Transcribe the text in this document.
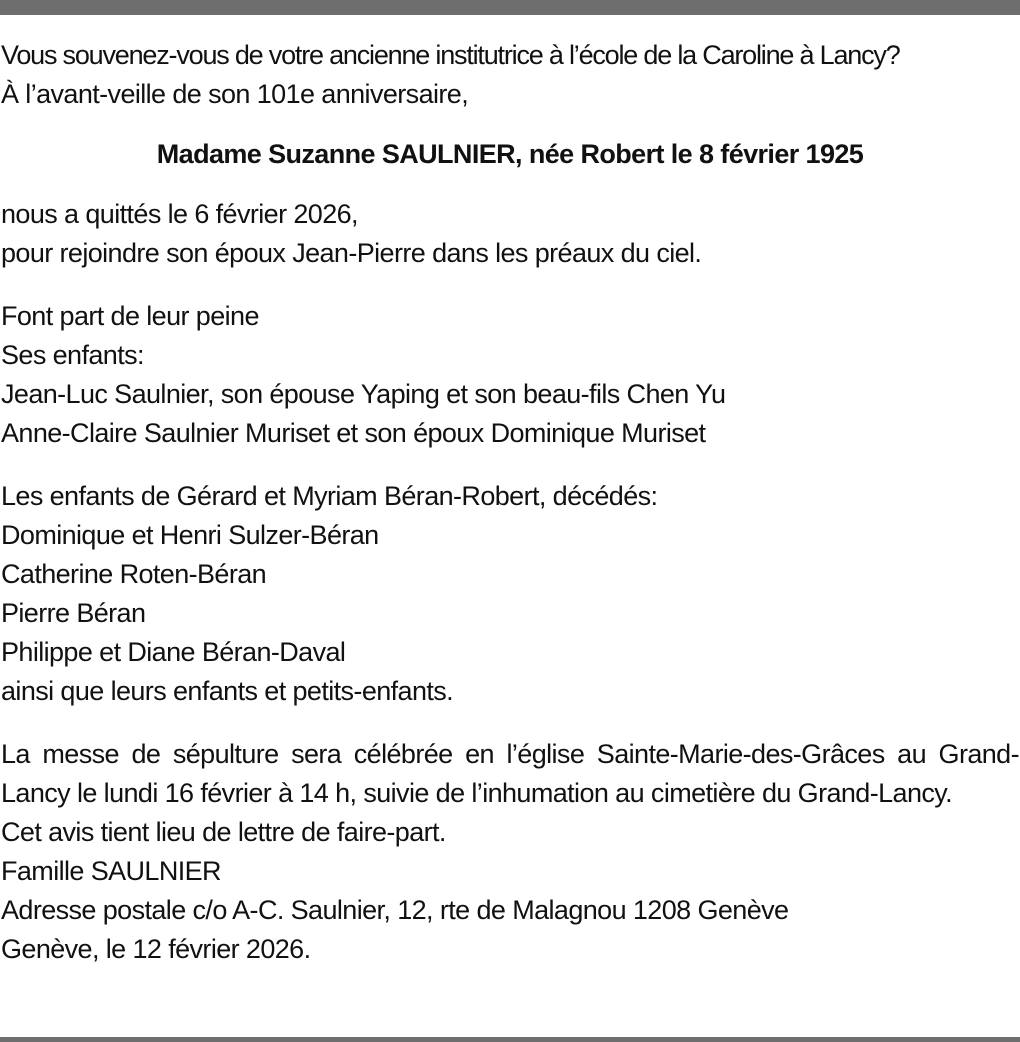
Vous souvenez-vous de votre ancienne institutrice à l’école de la Caroline à Lancy?
À l’avant-veille de son 101e anniversaire,
Madame Suzanne SAULNIER, née Robert le 8 février 1925
nous a quittés le 6 février 2026,
pour rejoindre son époux Jean-Pierre dans les préaux du ciel.
Font part de leur peine
Ses enfants:
Jean-Luc Saulnier, son épouse Yaping et son beau-fils Chen Yu
Anne-Claire Saulnier Muriset et son époux Dominique Muriset
Les enfants de Gérard et Myriam Béran-Robert, décédés:
Dominique et Henri Sulzer-Béran
Catherine Roten-Béran
Pierre Béran
Philippe et Diane Béran-Daval
ainsi que leurs enfants et petits-enfants.
La messe de sépulture sera célébrée en l’église Sainte-Marie-des-Grâces au Grand-Lancy le lundi 16 février à 14 h, suivie de l’inhumation au cimetière du Grand-Lancy.
Cet avis tient lieu de lettre de faire-part.
Famille SAULNIER
Adresse postale c/o A-C. Saulnier, 12, rte de Malagnou 1208 Genève
Genève, le 12 février 2026.
